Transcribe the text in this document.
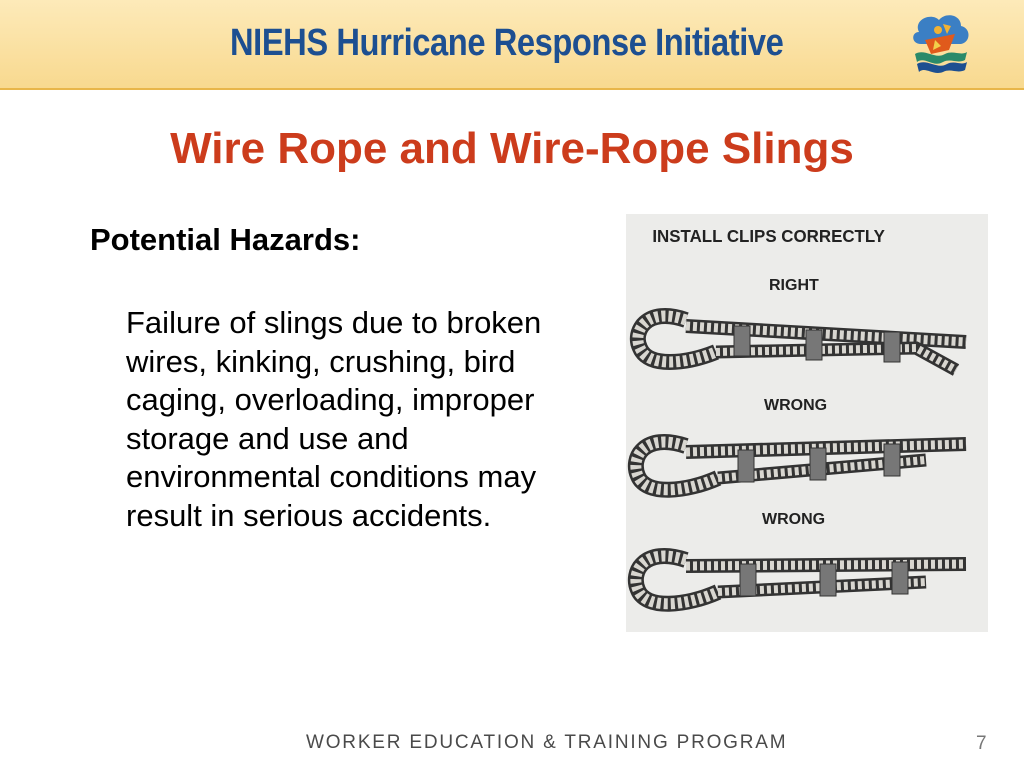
NIEHS Hurricane Response Initiative
Wire Rope and Wire-Rope Slings
Potential Hazards:
Failure of slings due to broken wires, kinking, crushing, bird caging, overloading, improper storage and use and environmental conditions may result in serious accidents.
INSTALL CLIPS CORRECTLY
RIGHT
WRONG
WRONG
WORKER EDUCATION & TRAINING PROGRAM	7
